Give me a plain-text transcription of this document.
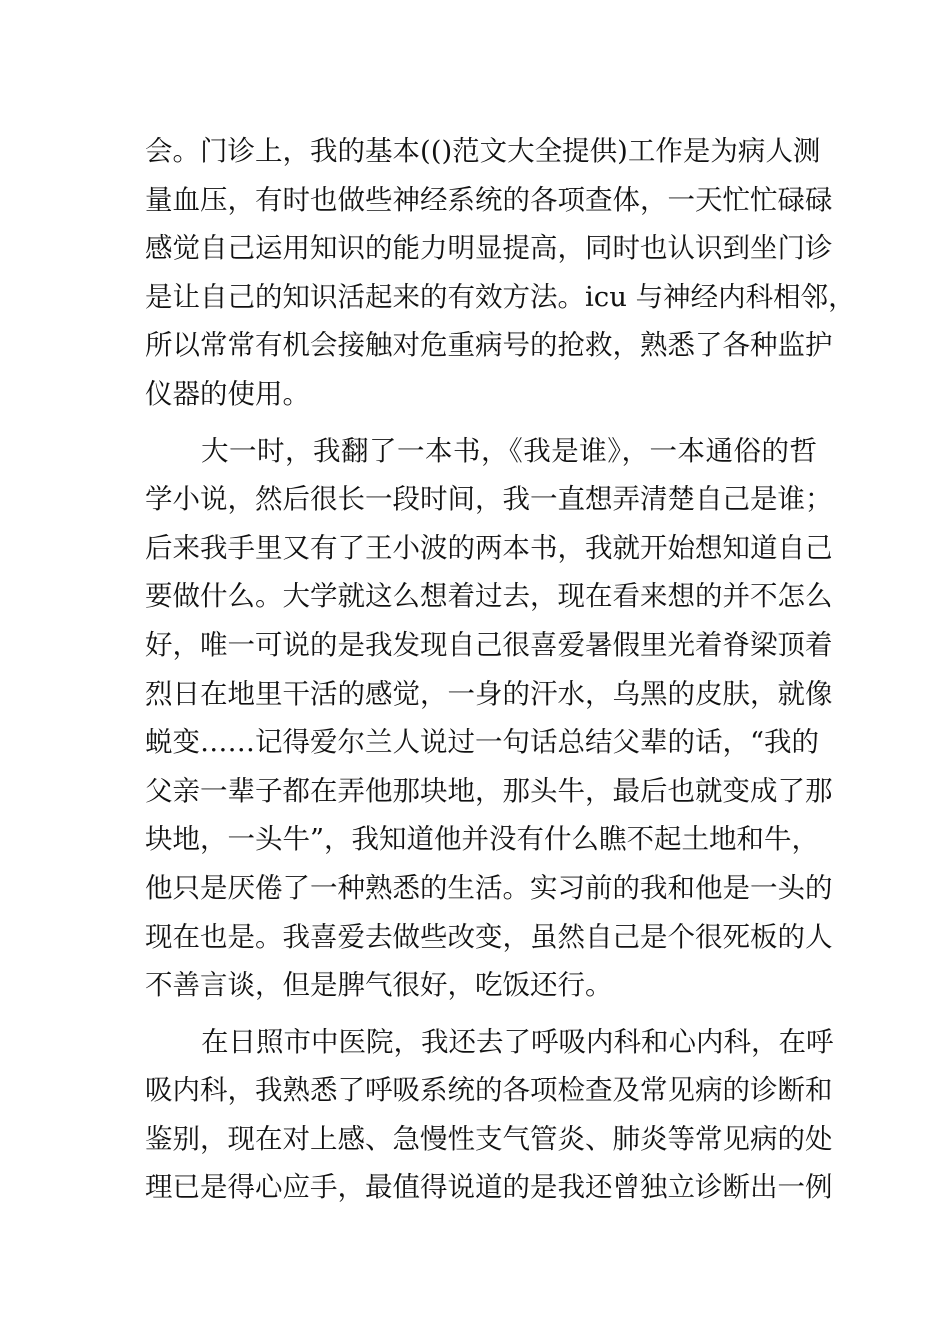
会。门诊上，我的基本(()范文大全提供)工作是为病人测
量血压，有时也做些神经系统的各项查体，一天忙忙碌碌
感觉自己运用知识的能力明显提高，同时也认识到坐门诊
是让自己的知识活起来的有效方法。icu 与神经内科相邻，
所以常常有机会接触对危重病号的抢救，熟悉了各种监护
仪器的使用。
大一时，我翻了一本书，《我是谁》，一本通俗的哲
学小说，然后很长一段时间，我一直想弄清楚自己是谁；
后来我手里又有了王小波的两本书，我就开始想知道自己
要做什么。大学就这么想着过去，现在看来想的并不怎么
好，唯一可说的是我发现自己很喜爱暑假里光着脊梁顶着
烈日在地里干活的感觉，一身的汗水，乌黑的皮肤，就像
蜕变……记得爱尔兰人说过一句话总结父辈的话，“我的
父亲一辈子都在弄他那块地，那头牛，最后也就变成了那
块地，一头牛”，我知道他并没有什么瞧不起土地和牛，
他只是厌倦了一种熟悉的生活。实习前的我和他是一头的
现在也是。我喜爱去做些改变，虽然自己是个很死板的人
不善言谈，但是脾气很好，吃饭还行。
在日照市中医院，我还去了呼吸内科和心内科，在呼
吸内科，我熟悉了呼吸系统的各项检查及常见病的诊断和
鉴别，现在对上感、急慢性支气管炎、肺炎等常见病的处
理已是得心应手，最值得说道的是我还曾独立诊断出一例
